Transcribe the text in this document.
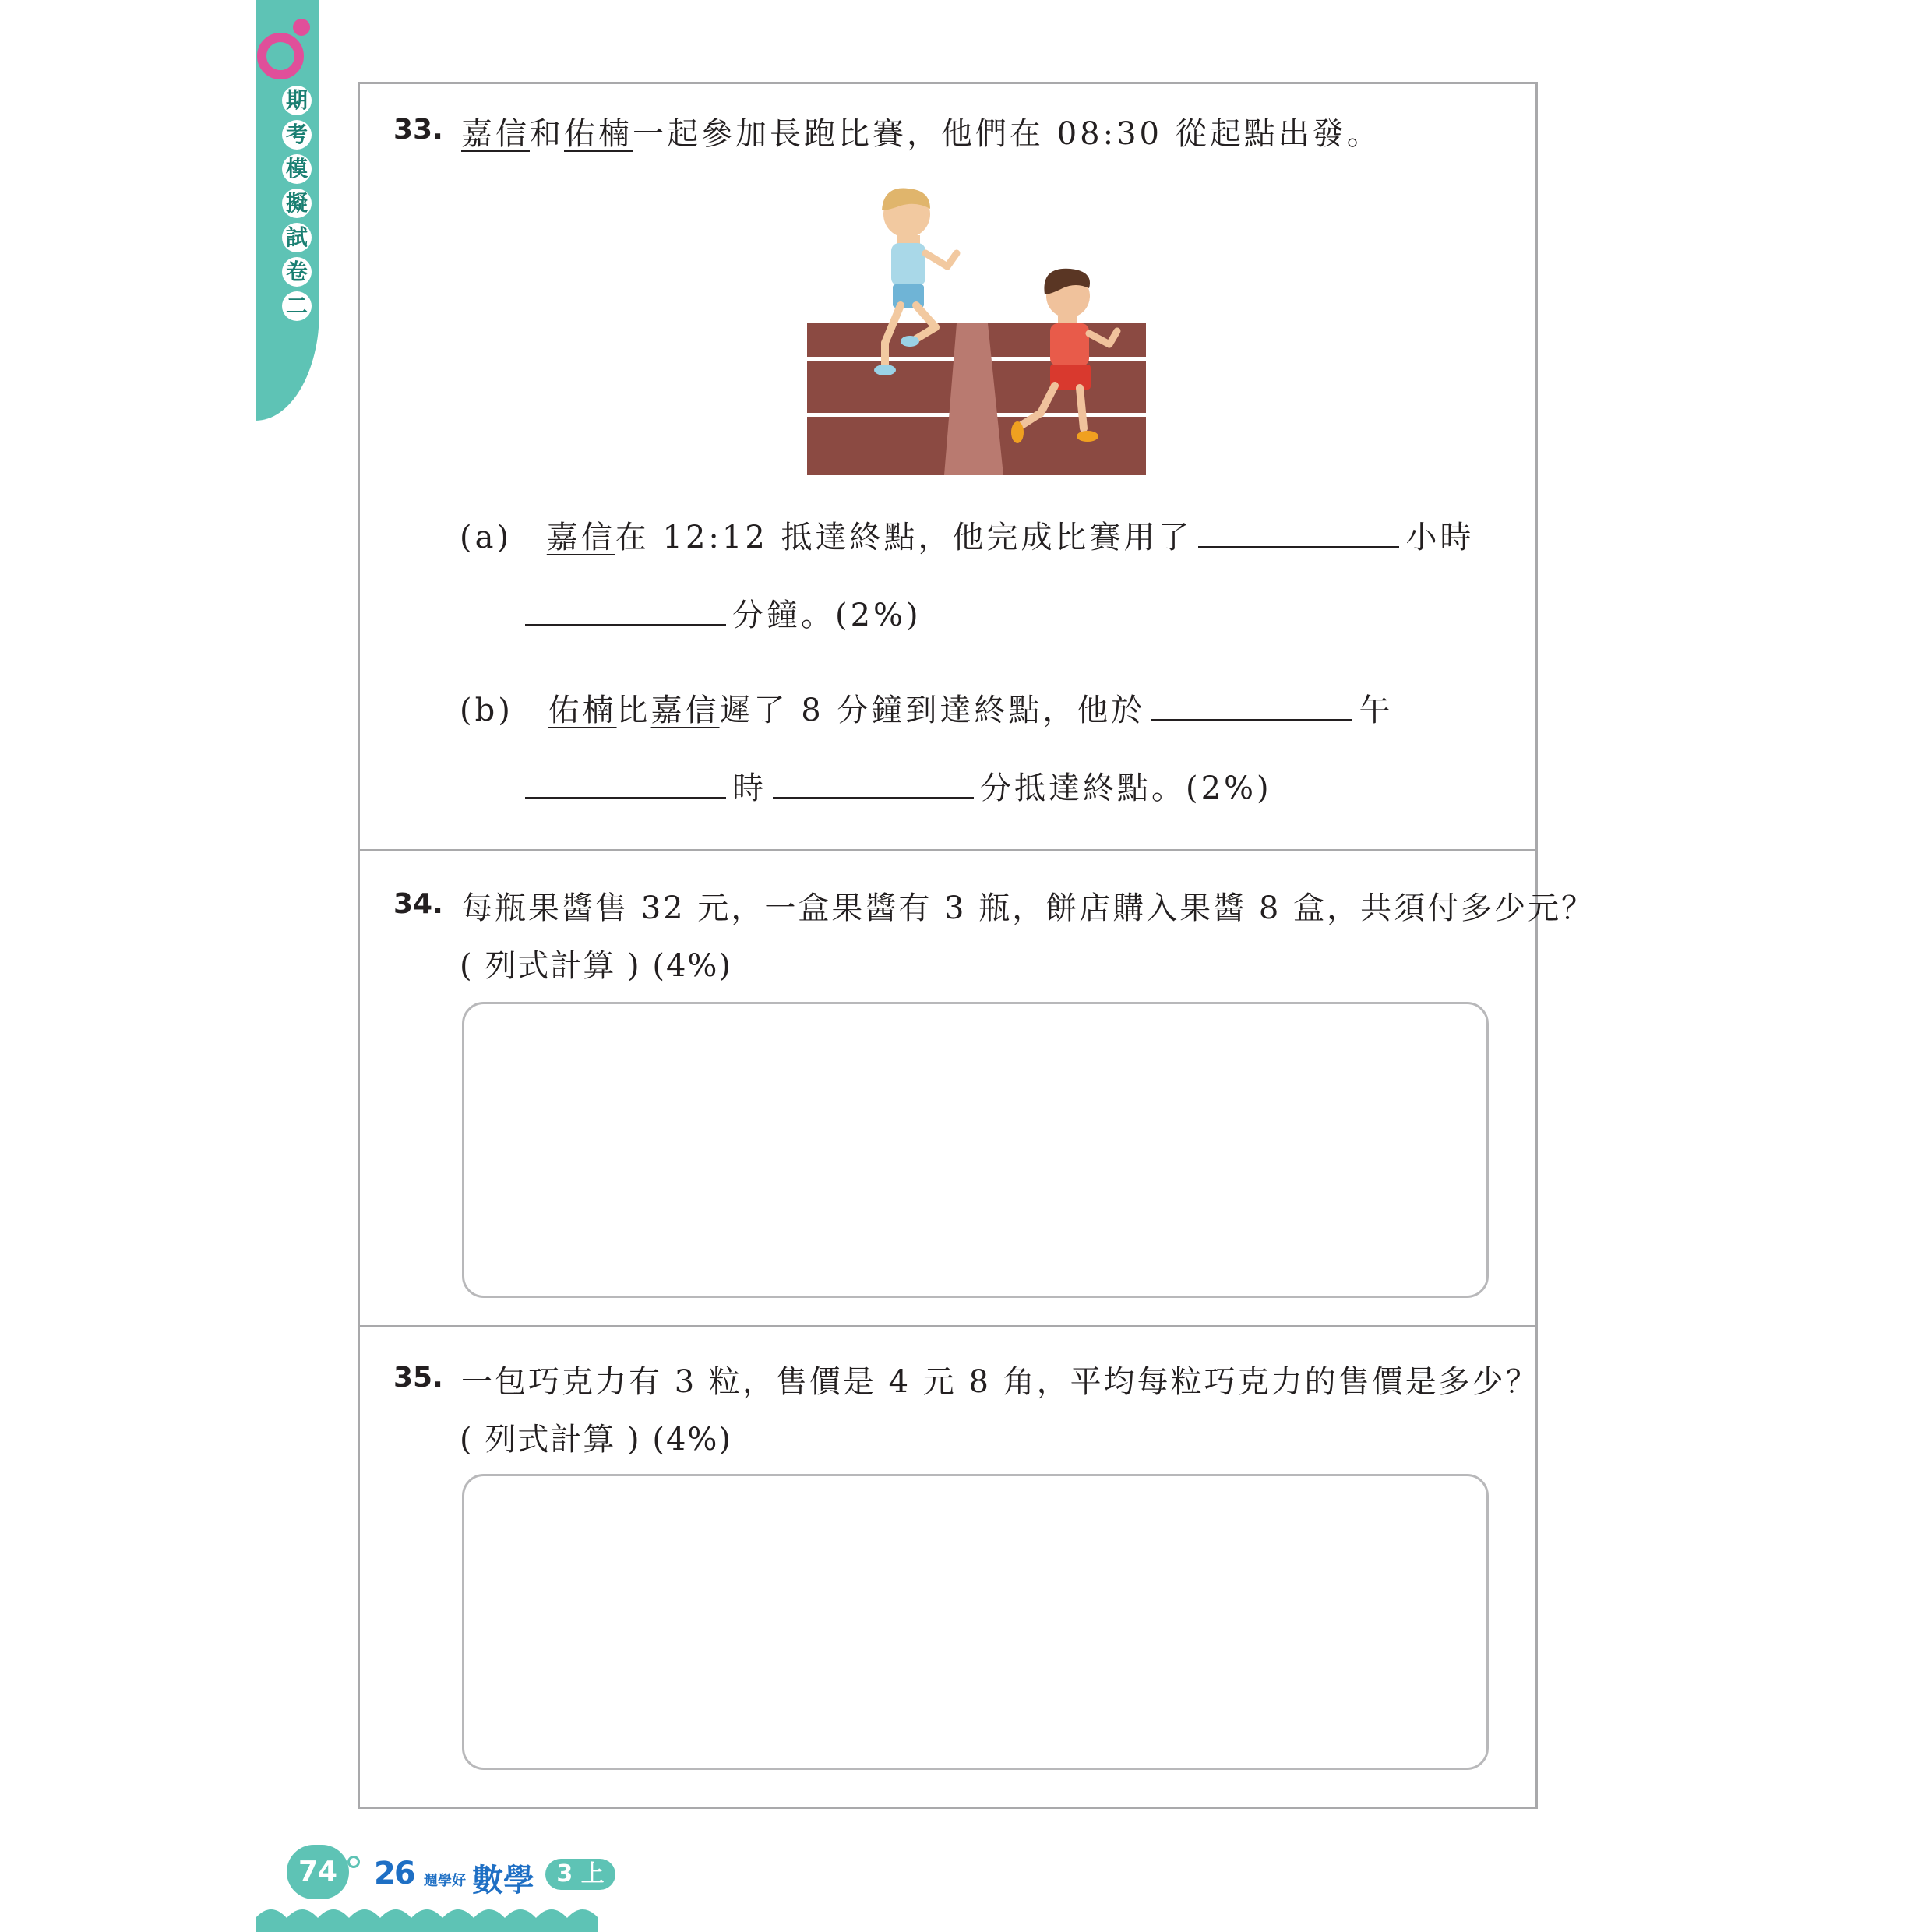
期
考
模
擬
試
卷
二
33. 嘉信和佑楠一起參加長跑比賽，他們在 08:30 從起點出發。
(a) 嘉信在 12:12 抵達終點，他完成比賽用了	小時
分鐘。(2%)
(b) 佑楠比嘉信遲了 8 分鐘到達終點，他於	午
時	分抵達終點。(2%)
34. 每瓶果醬售 32 元，一盒果醬有 3 瓶，餅店購入果醬 8 盒，共須付多少元？
( 列式計算 ) (4%)
35. 一包巧克力有 3 粒，售價是 4 元 8 角，平均每粒巧克力的售價是多少？
( 列式計算 ) (4%)
74	26 週學好 數學 3 上
